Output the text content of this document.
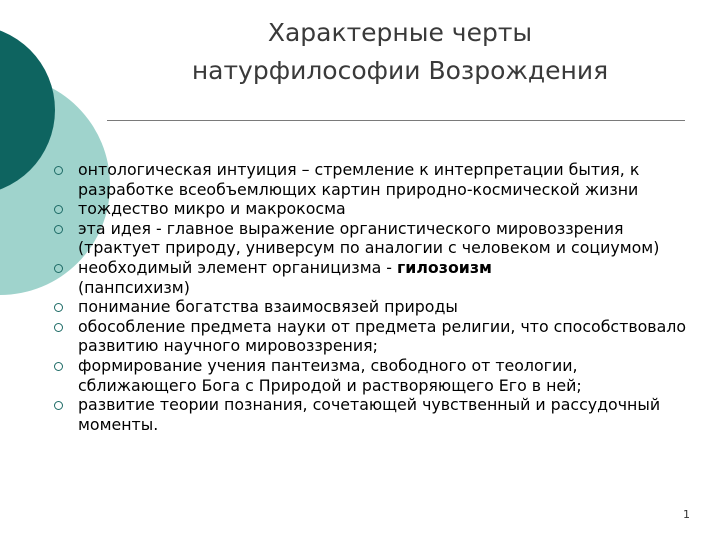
Характерные черты
натурфилософии Возрождения
онтологическая интуиция – стремление к интерпретации бытия, к разработке всеобъемлющих картин природно-космической жизни
тождество микро и макрокосма
эта идея - главное выражение органистического мировоззрения (трактует природу, универсум по аналогии с человеком и социумом)
необходимый элемент органицизма - гилозоизм
(панпсихизм)
понимание богатства взаимосвязей природы
обособление предмета науки от предмета религии, что способствовало развитию научного мировоззрения;
формирование учения пантеизма, свободного от теологии, сближающего Бога с Природой и растворяющего Его в ней;
развитие теории познания, сочетающей чувственный и рассудочный моменты.
1
